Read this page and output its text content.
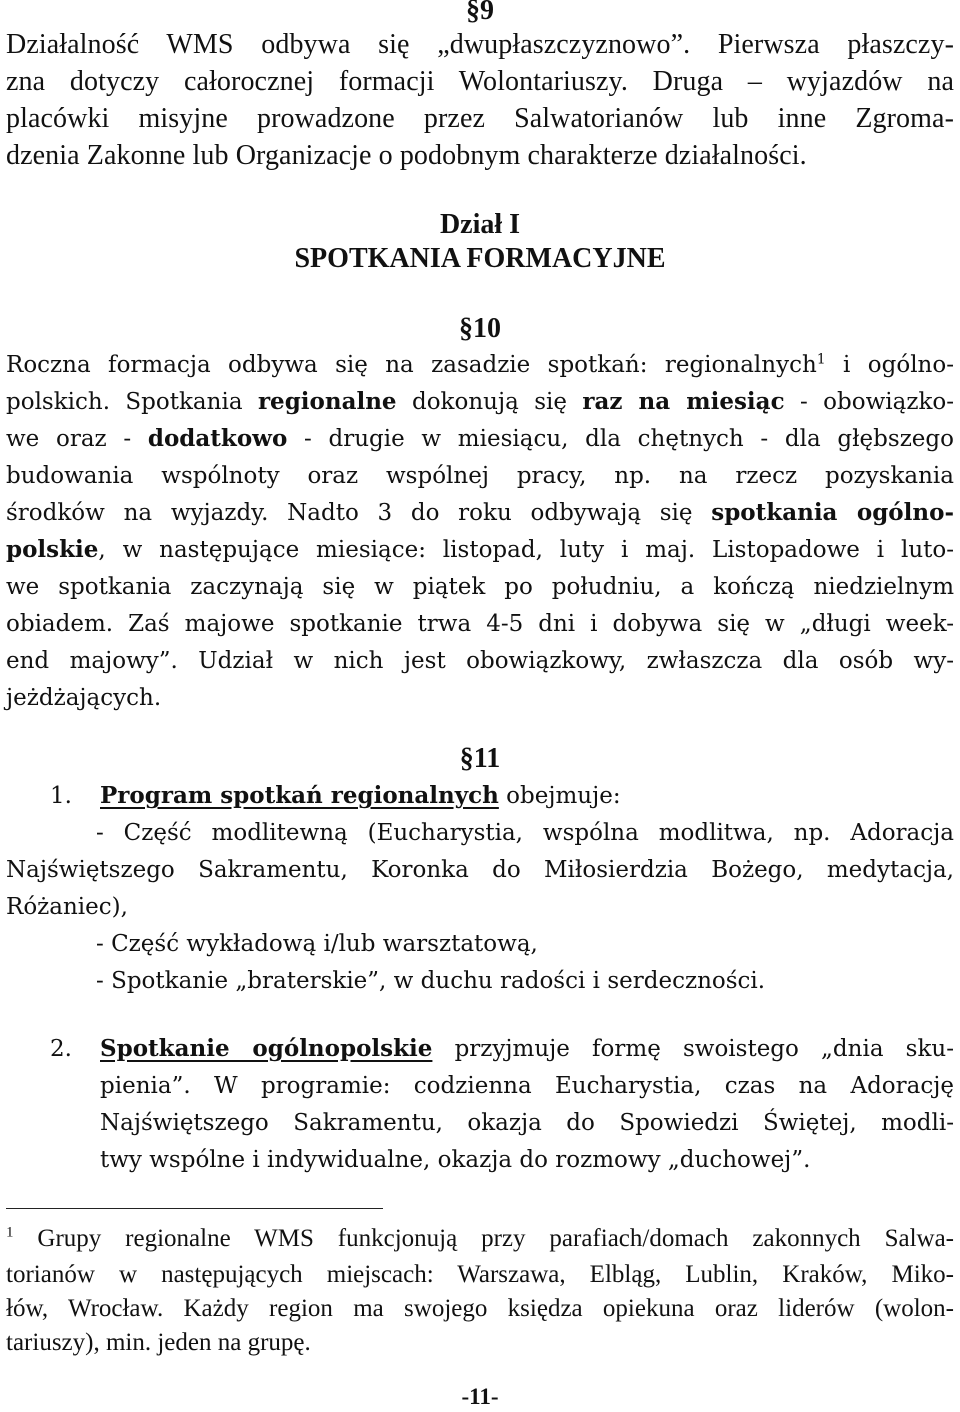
§9
Działalność WMS odbywa się „dwupłaszczyznowo”. Pierwsza płaszczy-
zna dotyczy całorocznej formacji Wolontariuszy. Druga – wyjazdów na
placówki misyjne prowadzone przez Salwatorianów lub inne Zgroma-
dzenia Zakonne lub Organizacje o podobnym charakterze działalności.
Dział I
SPOTKANIA FORMACYJNE
§10
Roczna formacja odbywa się na zasadzie spotkań: regionalnych$^1$ i ogólno-
polskich. Spotkania regionalne dokonują się raz na miesiąc - obowiązko-
we oraz - dodatkowo - drugie w miesiącu, dla chętnych - dla głębszego
budowania wspólnoty oraz wspólnej pracy, np. na rzecz pozyskania
środków na wyjazdy. Nadto 3 do roku odbywają się spotkania ogólno-
polskie, w następujące miesiące: listopad, luty i maj. Listopadowe i luto-
we spotkania zaczynają się w piątek po południu, a kończą niedzielnym
obiadem. Zaś majowe spotkanie trwa 4-5 dni i dobywa się w „długi week-
end majowy”. Udział w nich jest obowiązkowy, zwłaszcza dla osób wy-
jeżdżających.
§11
1.	Program spotkań regionalnych obejmuje:
- Część modlitewną (Eucharystia, wspólna modlitwa, np. Adoracja
Najświętszego Sakramentu, Koronka do Miłosierdzia Bożego, medytacja,
Różaniec),
- Część wykładową i/lub warsztatową,
- Spotkanie „braterskie”, w duchu radości i serdeczności.
2.	Spotkanie ogólnopolskie przyjmuje formę swoistego „dnia sku-
pienia”. W programie: codzienna Eucharystia, czas na Adorację
Najświętszego Sakramentu, okazja do Spowiedzi Świętej, modli-
twy wspólne i indywidualne, okazja do rozmowy „duchowej”.
$^1$ Grupy regionalne WMS funkcjonują przy parafiach/domach zakonnych Salwa-
torianów w następujących miejscach: Warszawa, Elbląg, Lublin, Kraków, Miko-
łów, Wrocław. Każdy region ma swojego księdza opiekuna oraz liderów (wolon-
tariuszy), min. jeden na grupę.
-11-
